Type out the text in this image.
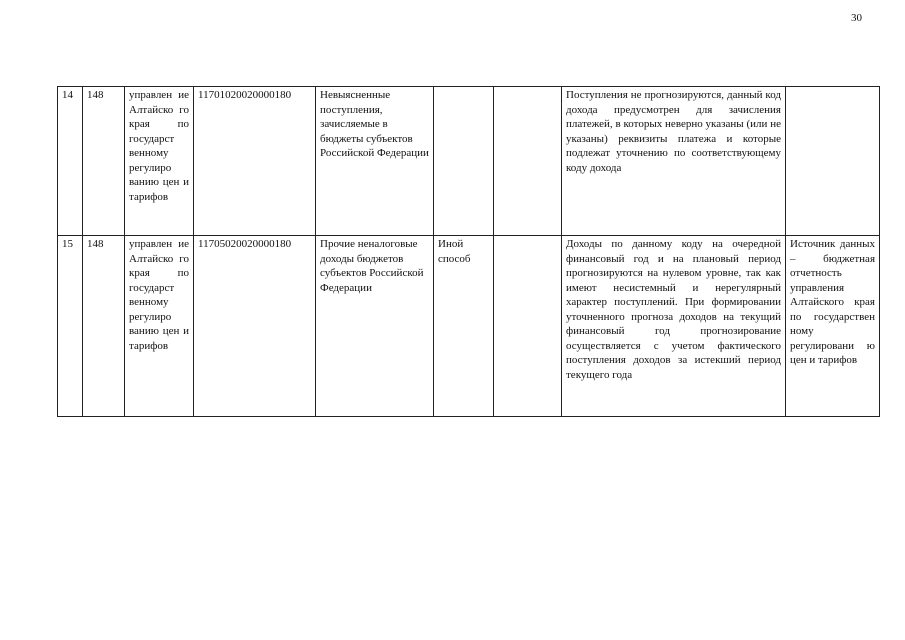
30
14	148	управлен ие Алтайско го края по государст венному регулиро ванию цен и тарифов	11701020020000180	Невыясненные поступления, зачисляемые в бюджеты субъектов Российской Федерации			Поступления не прогнозируются, данный код дохода предусмотрен для зачисления платежей, в которых неверно указаны (или не указаны) реквизиты платежа и которые подлежат уточнению по соответствующему коду дохода	
15	148	управлен ие Алтайско го края по государст венному регулиро ванию цен и тарифов	11705020020000180	Прочие неналоговые доходы бюджетов субъектов Российской Федерации	Иной способ		Доходы по данному коду на очередной финансовый год и на плановый период прогнозируются на нулевом уровне, так как имеют несистемный и нерегулярный характер поступлений. При формировании уточненного прогноза доходов на текущий финансовый год прогнозирование осуществляется с учетом фактического поступления доходов за истекший период текущего года	Источник данных – бюджетная отчетность управления Алтайского края по государствен ному регулировани ю цен и тарифов
